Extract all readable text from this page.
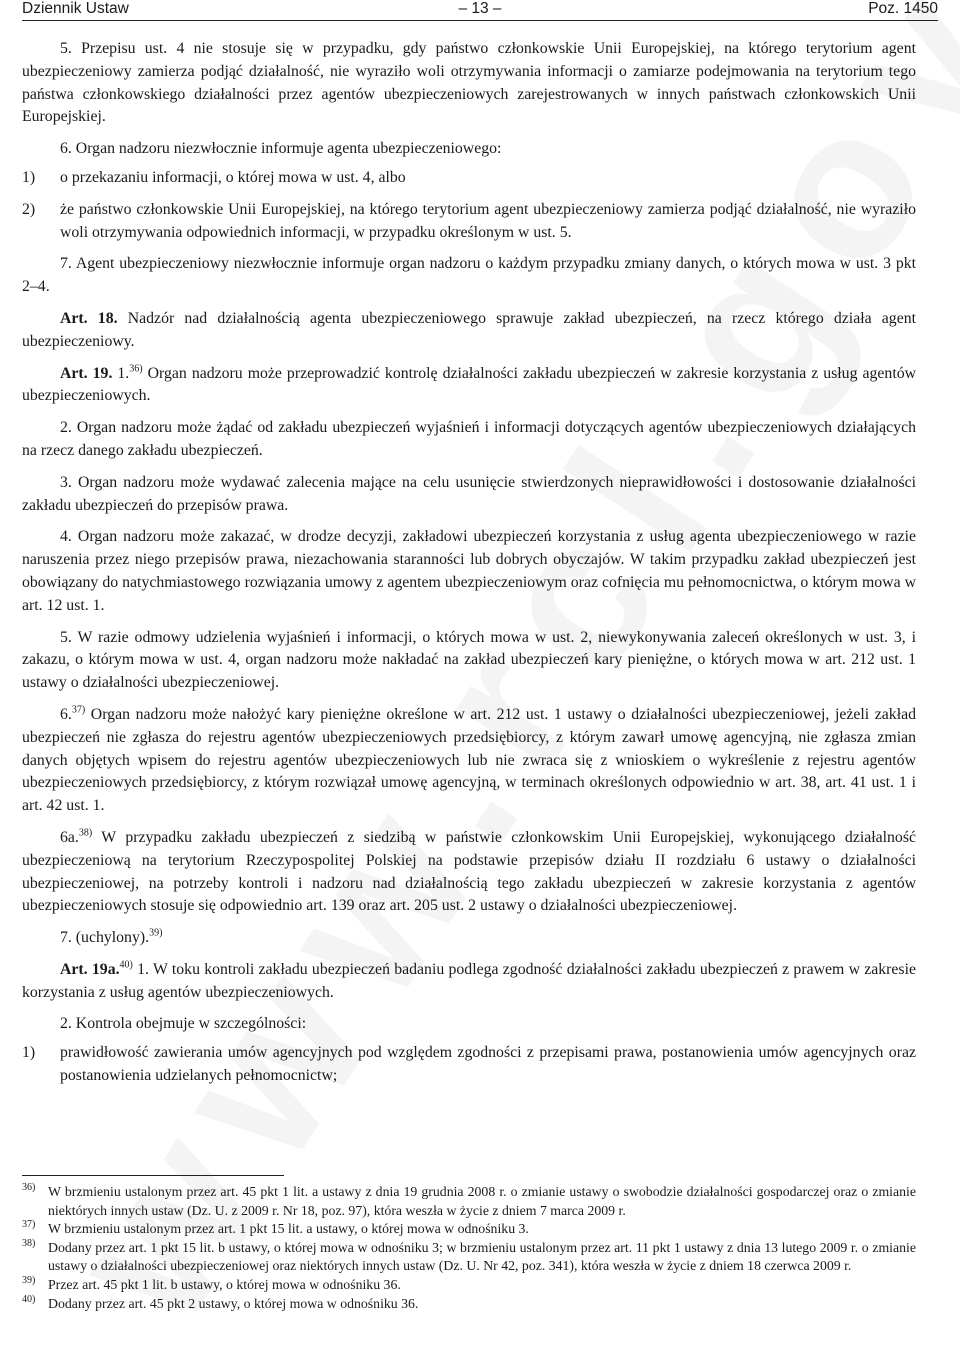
Dziennik Ustaw	– 13 –	Poz. 1450

5. Przepisu ust. 4 nie stosuje się w przypadku, gdy państwo członkowskie Unii Europejskiej, na którego terytorium agent ubezpieczeniowy zamierza podjąć działalność, nie wyraziło woli otrzymywania informacji o zamiarze podejmowania na terytorium tego państwa członkowskiego działalności przez agentów ubezpieczeniowych zarejestrowanych w innych państwach członkowskich Unii Europejskiej.

6. Organ nadzoru niezwłocznie informuje agenta ubezpieczeniowego:

1) o przekazaniu informacji, o której mowa w ust. 4, albo
2) że państwo członkowskie Unii Europejskiej, na którego terytorium agent ubezpieczeniowy zamierza podjąć działalność, nie wyraziło woli otrzymywania odpowiednich informacji, w przypadku określonym w ust. 5.

7. Agent ubezpieczeniowy niezwłocznie informuje organ nadzoru o każdym przypadku zmiany danych, o których mowa w ust. 3 pkt 2–4.

Art. 18. Nadzór nad działalnością agenta ubezpieczeniowego sprawuje zakład ubezpieczeń, na rzecz którego działa agent ubezpieczeniowy.

Art. 19. 1.$^{36)}$ Organ nadzoru może przeprowadzić kontrolę działalności zakładu ubezpieczeń w zakresie korzystania z usług agentów ubezpieczeniowych.

2. Organ nadzoru może żądać od zakładu ubezpieczeń wyjaśnień i informacji dotyczących agentów ubezpieczeniowych działających na rzecz danego zakładu ubezpieczeń.

3. Organ nadzoru może wydawać zalecenia mające na celu usunięcie stwierdzonych nieprawidłowości i dostosowanie działalności zakładu ubezpieczeń do przepisów prawa.

4. Organ nadzoru może zakazać, w drodze decyzji, zakładowi ubezpieczeń korzystania z usług agenta ubezpieczeniowego w razie naruszenia przez niego przepisów prawa, niezachowania staranności lub dobrych obyczajów. W takim przypadku zakład ubezpieczeń jest obowiązany do natychmiastowego rozwiązania umowy z agentem ubezpieczeniowym oraz cofnięcia mu pełnomocnictwa, o którym mowa w art. 12 ust. 1.

5. W razie odmowy udzielenia wyjaśnień i informacji, o których mowa w ust. 2, niewykonywania zaleceń określonych w ust. 3, i zakazu, o którym mowa w ust. 4, organ nadzoru może nakładać na zakład ubezpieczeń kary pieniężne, o których mowa w art. 212 ust. 1 ustawy o działalności ubezpieczeniowej.

6.$^{37)}$ Organ nadzoru może nałożyć kary pieniężne określone w art. 212 ust. 1 ustawy o działalności ubezpieczeniowej, jeżeli zakład ubezpieczeń nie zgłasza do rejestru agentów ubezpieczeniowych przedsiębiorcy, z którym zawarł umowę agencyjną, nie zgłasza zmian danych objętych wpisem do rejestru agentów ubezpieczeniowych lub nie zwraca się z wnioskiem o wykreślenie z rejestru agentów ubezpieczeniowych przedsiębiorcy, z którym rozwiązał umowę agencyjną, w terminach określonych odpowiednio w art. 38, art. 41 ust. 1 i art. 42 ust. 1.

6a.$^{38)}$ W przypadku zakładu ubezpieczeń z siedzibą w państwie członkowskim Unii Europejskiej, wykonującego działalność ubezpieczeniową na terytorium Rzeczypospolitej Polskiej na podstawie przepisów działu II rozdziału 6 ustawy o działalności ubezpieczeniowej, na potrzeby kontroli i nadzoru nad działalnością tego zakładu ubezpieczeń w zakresie korzystania z agentów ubezpieczeniowych stosuje się odpowiednio art. 139 oraz art. 205 ust. 2 ustawy o działalności ubezpieczeniowej.

7. (uchylony).$^{39)}$

Art. 19a.$^{40)}$ 1. W toku kontroli zakładu ubezpieczeń badaniu podlega zgodność działalności zakładu ubezpieczeń z prawem w zakresie korzystania z usług agentów ubezpieczeniowych.

2. Kontrola obejmuje w szczególności:

1) prawidłowość zawierania umów agencyjnych pod względem zgodności z przepisami prawa, postanowienia umów agencyjnych oraz postanowienia udzielanych pełnomocnictw;
36) W brzmieniu ustalonym przez art. 45 pkt 1 lit. a ustawy z dnia 19 grudnia 2008 r. o zmianie ustawy o swobodzie działalności gospodarczej oraz o zmianie niektórych innych ustaw (Dz. U. z 2009 r. Nr 18, poz. 97), która weszła w życie z dniem 7 marca 2009 r.
37) W brzmieniu ustalonym przez art. 1 pkt 15 lit. a ustawy, o której mowa w odnośniku 3.
38) Dodany przez art. 1 pkt 15 lit. b ustawy, o której mowa w odnośniku 3; w brzmieniu ustalonym przez art. 11 pkt 1 ustawy z dnia 13 lutego 2009 r. o zmianie ustawy o działalności ubezpieczeniowej oraz niektórych innych ustaw (Dz. U. Nr 42, poz. 341), która weszła w życie z dniem 18 czerwca 2009 r.
39) Przez art. 45 pkt 1 lit. b ustawy, o której mowa w odnośniku 36.
40) Dodany przez art. 45 pkt 2 ustawy, o której mowa w odnośniku 36.
